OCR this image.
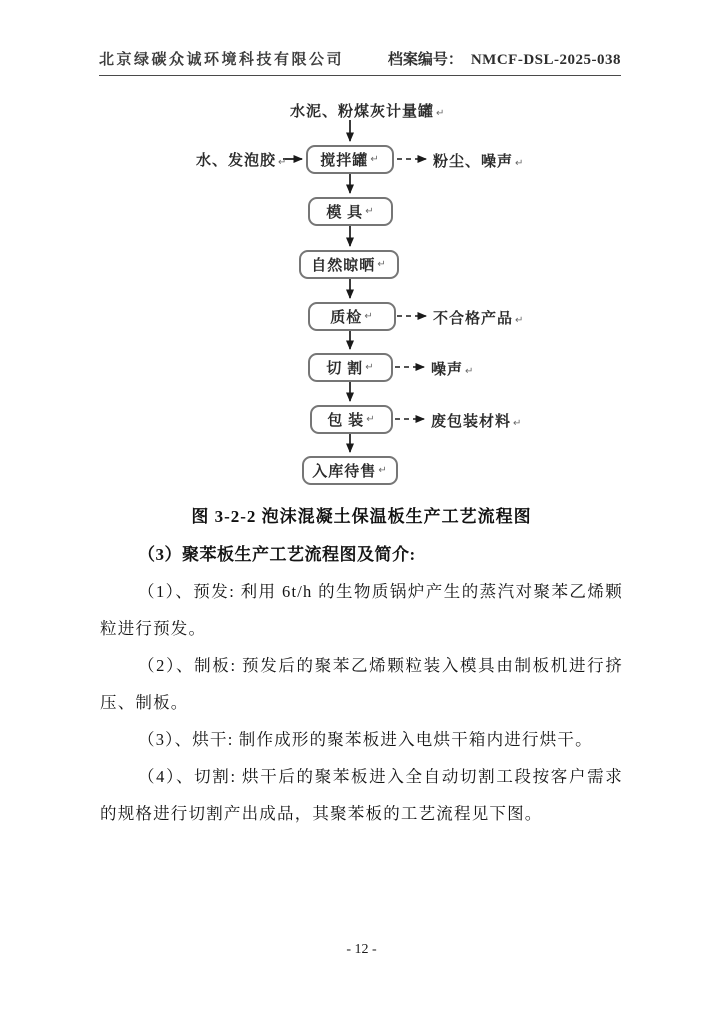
北京绿碳众诚环境科技有限公司	档案编号： NMCF-DSL-2025-038
水泥、粉煤灰计量罐 ↵
水、发泡胶 ↵ 搅拌罐 ↵
模 具 ↵
自然晾晒 ↵
质检 ↵
切 割 ↵
包 装 ↵
入库待售 ↵
粉尘、噪声 ↵
不合格产品 ↵
噪声 ↵
废包装材料 ↵
图 3-2-2 泡沫混凝土保温板生产工艺流程图

（3）聚苯板生产工艺流程图及简介:

（1）、预发: 利用 6t/h 的生物质锅炉产生的蒸汽对聚苯乙烯颗粒进行预发。

（2）、制板: 预发后的聚苯乙烯颗粒装入模具由制板机进行挤压、制板。

（3）、烘干: 制作成形的聚苯板进入电烘干箱内进行烘干。

（4）、切割: 烘干后的聚苯板进入全自动切割工段按客户需求的规格进行切割产出成品，其聚苯板的工艺流程见下图。

- 12 -
